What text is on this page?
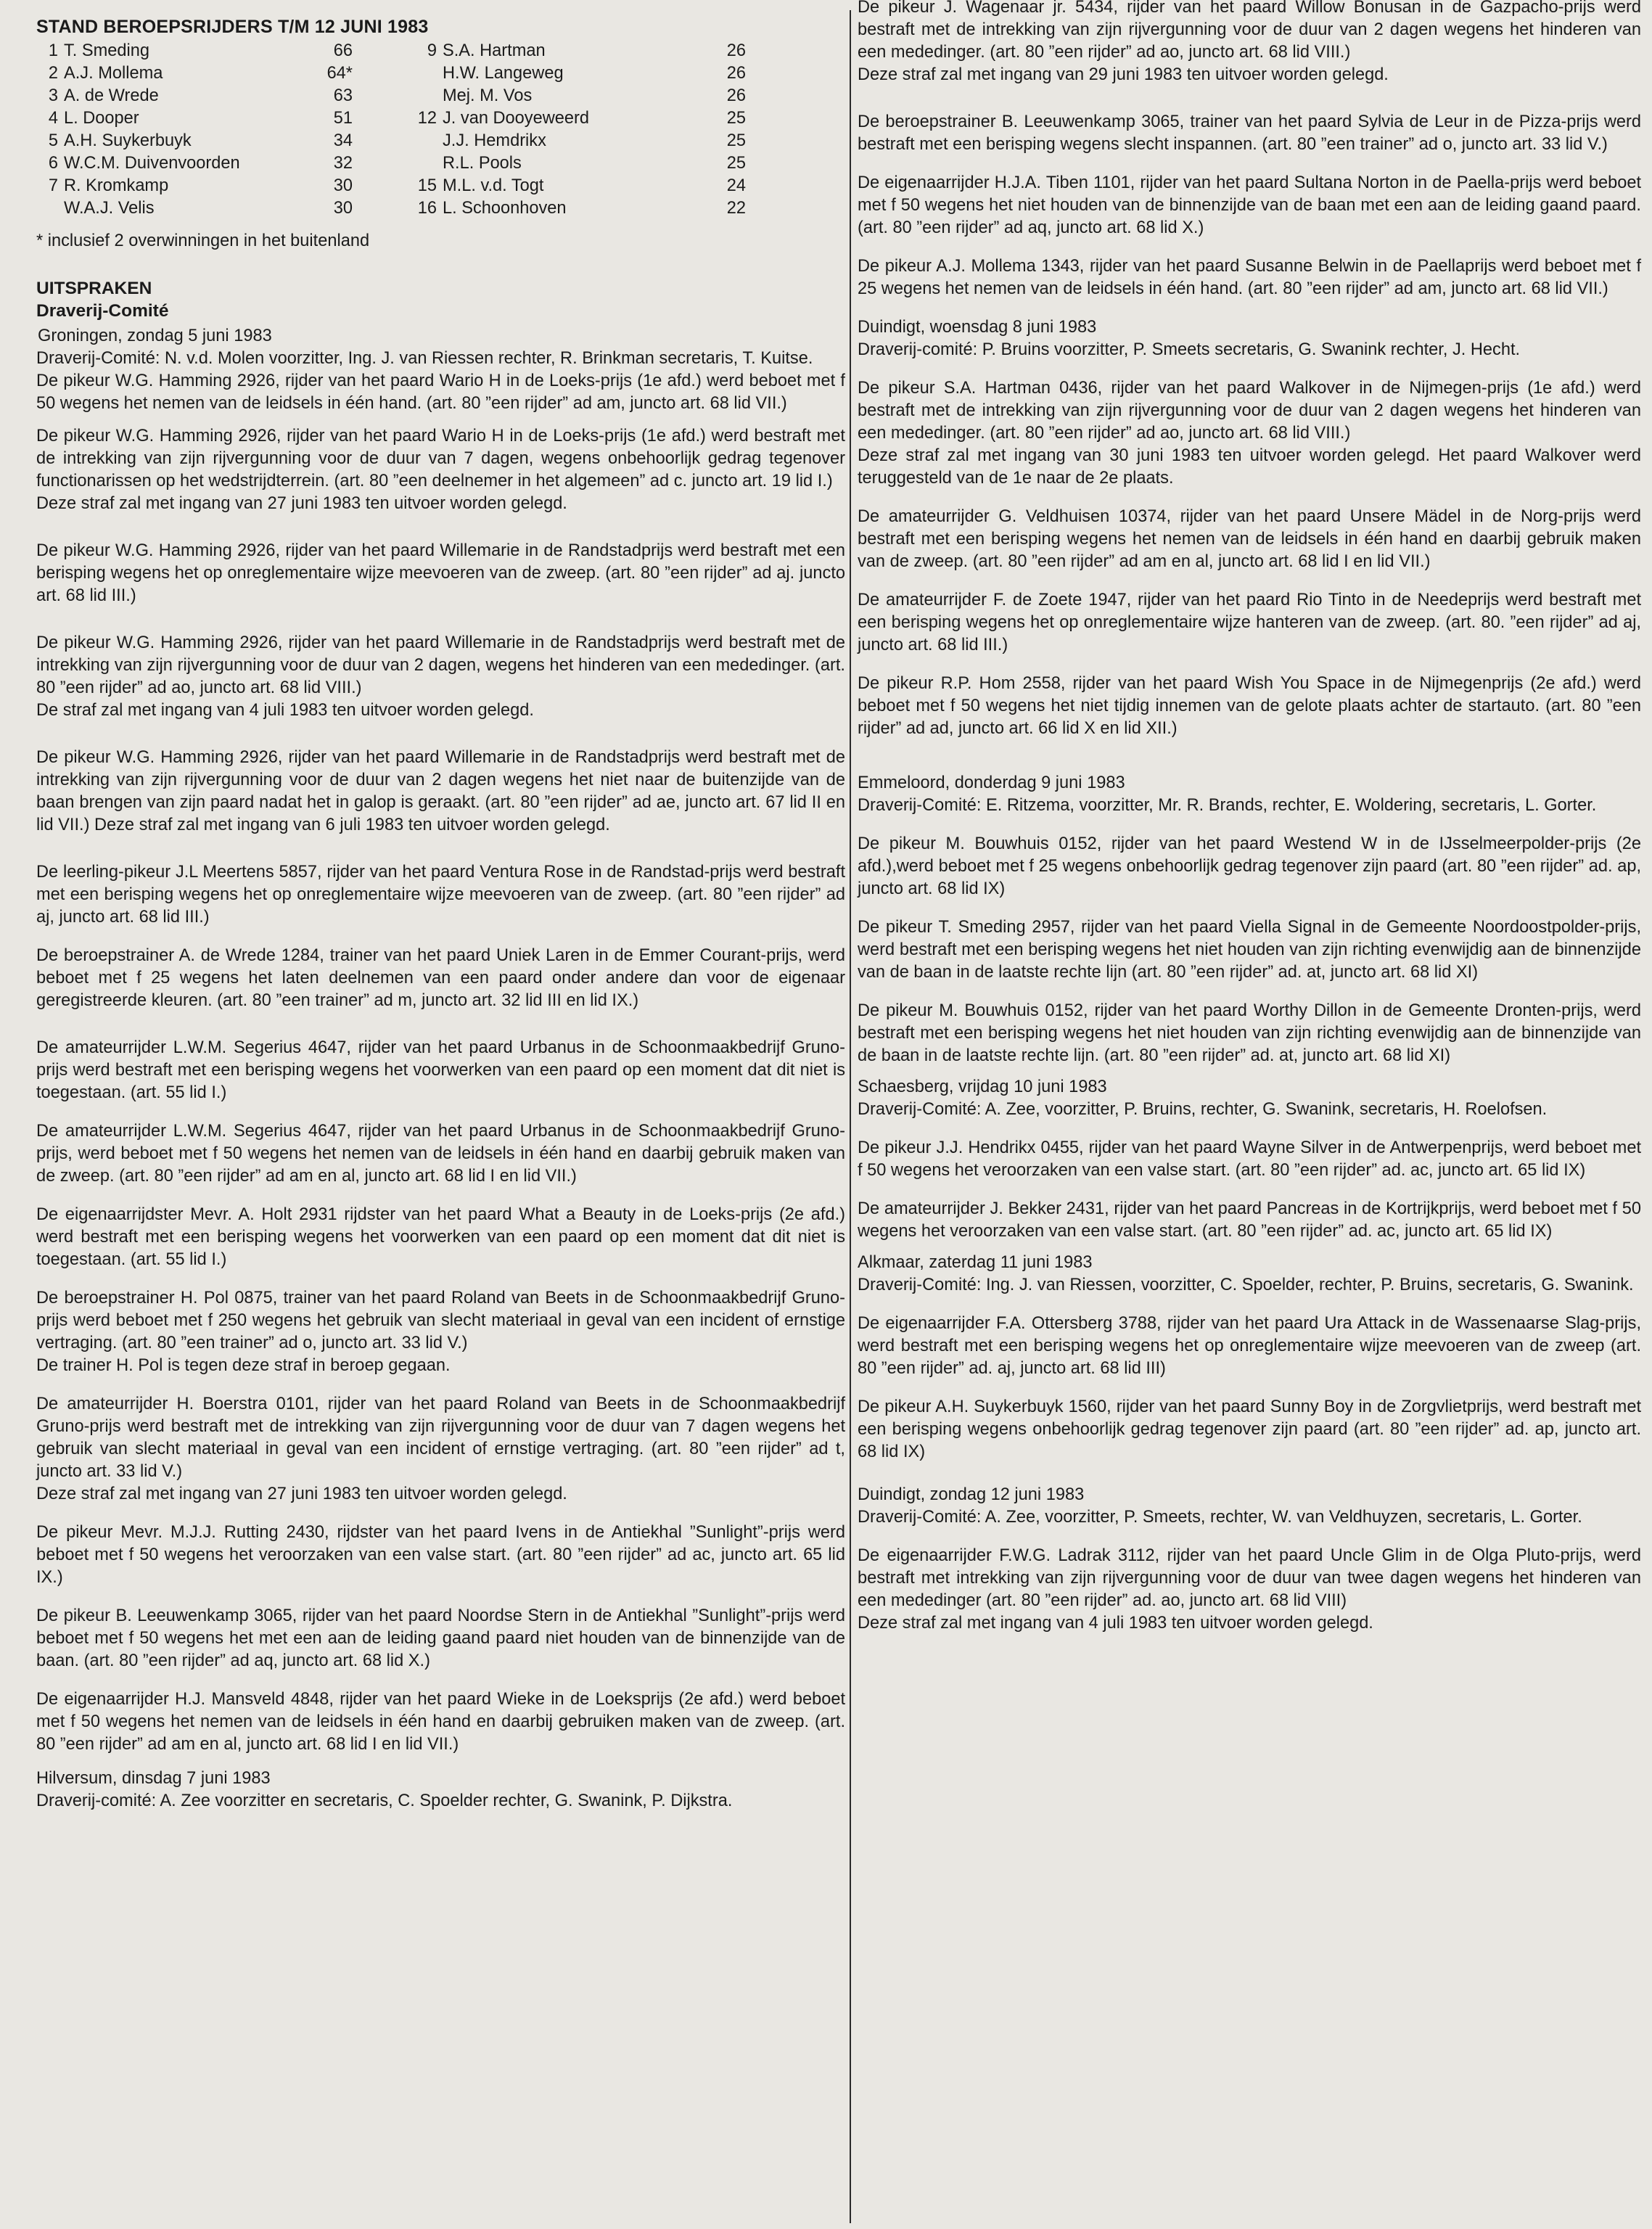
STAND BEROEPSRIJDERS T/M 12 JUNI 1983
1 T. Smeding	66	9 S.A. Hartman	26
2 A.J. Mollema	64*	H.W. Langeweg	26
3 A. de Wrede	63	Mej. M. Vos	26
4 L. Dooper	51	12 J. van Dooyeweerd	25
5 A.H. Suykerbuyk	34	J.J. Hemdrikx	25
6 W.C.M. Duivenvoorden	32	R.L. Pools	25
7 R. Kromkamp	30	15 M.L. v.d. Togt	24
W.A.J. Velis	30	16 L. Schoonhoven	22

* inclusief 2 overwinningen in het buitenland

UITSPRAKEN
Draverij-Comité

Groningen, zondag 5 juni 1983

Draverij-Comité: N. v.d. Molen voorzitter, Ing. J. van Riessen rechter, R. Brinkman secretaris, T. Kuitse.

De pikeur W.G. Hamming 2926, rijder van het paard Wario H in de Loeks-prijs (1e afd.) werd beboet met f 50 wegens het nemen van de leidsels in één hand. (art. 80 ”een rijder” ad am, juncto art. 68 lid VII.)

De pikeur W.G. Hamming 2926, rijder van het paard Wario H in de Loeks-prijs (1e afd.) werd bestraft met de intrekking van zijn rijvergunning voor de duur van 7 dagen, wegens onbehoorlijk gedrag tegenover functionarissen op het wedstrijdterrein. (art. 80 ”een deelnemer in het algemeen” ad c. juncto art. 19 lid I.)

Deze straf zal met ingang van 27 juni 1983 ten uitvoer worden gelegd.

De pikeur W.G. Hamming 2926, rijder van het paard Willemarie in de Randstadprijs werd bestraft met een berisping wegens het op onreglementaire wijze meevoeren van de zweep. (art. 80 ”een rijder” ad aj. juncto art. 68 lid III.)

De pikeur W.G. Hamming 2926, rijder van het paard Willemarie in de Randstadprijs werd bestraft met de intrekking van zijn rijvergunning voor de duur van 2 dagen, wegens het hinderen van een mededinger. (art. 80 ”een rijder” ad ao, juncto art. 68 lid VIII.)

De straf zal met ingang van 4 juli 1983 ten uitvoer worden gelegd.

De pikeur W.G. Hamming 2926, rijder van het paard Willemarie in de Randstadprijs werd bestraft met de intrekking van zijn rijvergunning voor de duur van 2 dagen wegens het niet naar de buitenzijde van de baan brengen van zijn paard nadat het in galop is geraakt. (art. 80 ”een rijder” ad ae, juncto art. 67 lid II en lid VII.) Deze straf zal met ingang van 6 juli 1983 ten uitvoer worden gelegd.

De leerling-pikeur J.L Meertens 5857, rijder van het paard Ventura Rose in de Randstad-prijs werd bestraft met een berisping wegens het op onreglementaire wijze meevoeren van de zweep. (art. 80 ”een rijder” ad aj, juncto art. 68 lid III.)

De beroepstrainer A. de Wrede 1284, trainer van het paard Uniek Laren in de Emmer Courant-prijs, werd beboet met f 25 wegens het laten deelnemen van een paard onder andere dan voor de eigenaar geregistreerde kleuren. (art. 80 ”een trainer” ad m, juncto art. 32 lid III en lid IX.)

De amateurrijder L.W.M. Segerius 4647, rijder van het paard Urbanus in de Schoonmaakbedrijf Gruno-prijs werd bestraft met een berisping wegens het voorwerken van een paard op een moment dat dit niet is toegestaan. (art. 55 lid I.)

De amateurrijder L.W.M. Segerius 4647, rijder van het paard Urbanus in de Schoonmaakbedrijf Gruno-prijs, werd beboet met f 50 wegens het nemen van de leidsels in één hand en daarbij gebruik maken van de zweep. (art. 80 ”een rijder” ad am en al, juncto art. 68 lid I en lid VII.)

De eigenaarrijdster Mevr. A. Holt 2931 rijdster van het paard What a Beauty in de Loeks-prijs (2e afd.) werd bestraft met een berisping wegens het voorwerken van een paard op een moment dat dit niet is toegestaan. (art. 55 lid I.)

De beroepstrainer H. Pol 0875, trainer van het paard Roland van Beets in de Schoonmaakbedrijf Gruno-prijs werd beboet met f 250 wegens het gebruik van slecht materiaal in geval van een incident of ernstige vertraging. (art. 80 ”een trainer” ad o, juncto art. 33 lid V.)

De trainer H. Pol is tegen deze straf in beroep gegaan.

De amateurrijder H. Boerstra 0101, rijder van het paard Roland van Beets in de Schoonmaakbedrijf Gruno-prijs werd bestraft met de intrekking van zijn rijvergunning voor de duur van 7 dagen wegens het gebruik van slecht materiaal in geval van een incident of ernstige vertraging. (art. 80 ”een rijder” ad t, juncto art. 33 lid V.)

Deze straf zal met ingang van 27 juni 1983 ten uitvoer worden gelegd.

De pikeur Mevr. M.J.J. Rutting 2430, rijdster van het paard Ivens in de Antiekhal ”Sunlight”-prijs werd beboet met f 50 wegens het veroorzaken van een valse start. (art. 80 ”een rijder” ad ac, juncto art. 65 lid IX.)

De pikeur B. Leeuwenkamp 3065, rijder van het paard Noordse Stern in de Antiekhal ”Sunlight”-prijs werd beboet met f 50 wegens het met een aan de leiding gaand paard niet houden van de binnenzijde van de baan. (art. 80 ”een rijder” ad aq, juncto art. 68 lid X.)

De eigenaarrijder H.J. Mansveld 4848, rijder van het paard Wieke in de Loeksprijs (2e afd.) werd beboet met f 50 wegens het nemen van de leidsels in één hand en daarbij gebruiken maken van de zweep. (art. 80 ”een rijder” ad am en al, juncto art. 68 lid I en lid VII.)

Hilversum, dinsdag 7 juni 1983

Draverij-comité: A. Zee voorzitter en secretaris, C. Spoelder rechter, G. Swanink, P. Dijkstra.

De pikeur J. Wagenaar jr. 5434, rijder van het paard Willow Bonusan in de Gazpacho-prijs werd bestraft met de intrekking van zijn rijvergunning voor de duur van 2 dagen wegens het hinderen van een mededinger. (art. 80 ”een rijder” ad ao, juncto art. 68 lid VIII.)

Deze straf zal met ingang van 29 juni 1983 ten uitvoer worden gelegd.

De beroepstrainer B. Leeuwenkamp 3065, trainer van het paard Sylvia de Leur in de Pizza-prijs werd bestraft met een berisping wegens slecht inspannen. (art. 80 ”een trainer” ad o, juncto art. 33 lid V.)

De eigenaarrijder H.J.A. Tiben 1101, rijder van het paard Sultana Norton in de Paella-prijs werd beboet met f 50 wegens het niet houden van de binnenzijde van de baan met een aan de leiding gaand paard. (art. 80 ”een rijder” ad aq, juncto art. 68 lid X.)

De pikeur A.J. Mollema 1343, rijder van het paard Susanne Belwin in de Paellaprijs werd beboet met f 25 wegens het nemen van de leidsels in één hand. (art. 80 ”een rijder” ad am, juncto art. 68 lid VII.)

Duindigt, woensdag 8 juni 1983

Draverij-comité: P. Bruins voorzitter, P. Smeets secretaris, G. Swanink rechter, J. Hecht.

De pikeur S.A. Hartman 0436, rijder van het paard Walkover in de Nijmegen-prijs (1e afd.) werd bestraft met de intrekking van zijn rijvergunning voor de duur van 2 dagen wegens het hinderen van een mededinger. (art. 80 ”een rijder” ad ao, juncto art. 68 lid VIII.)

Deze straf zal met ingang van 30 juni 1983 ten uitvoer worden gelegd. Het paard Walkover werd teruggesteld van de 1e naar de 2e plaats.

De amateurrijder G. Veldhuisen 10374, rijder van het paard Unsere Mädel in de Norg-prijs werd bestraft met een berisping wegens het nemen van de leidsels in één hand en daarbij gebruik maken van de zweep. (art. 80 ”een rijder” ad am en al, juncto art. 68 lid I en lid VII.)

De amateurrijder F. de Zoete 1947, rijder van het paard Rio Tinto in de Needeprijs werd bestraft met een berisping wegens het op onreglementaire wijze hanteren van de zweep. (art. 80. ”een rijder” ad aj, juncto art. 68 lid III.)

De pikeur R.P. Hom 2558, rijder van het paard Wish You Space in de Nijmegenprijs (2e afd.) werd beboet met f 50 wegens het niet tijdig innemen van de gelote plaats achter de startauto. (art. 80 ”een rijder” ad ad, juncto art. 66 lid X en lid XII.)

Emmeloord, donderdag 9 juni 1983

Draverij-Comité: E. Ritzema, voorzitter, Mr. R. Brands, rechter, E. Woldering, secretaris, L. Gorter.

De pikeur M. Bouwhuis 0152, rijder van het paard Westend W in de IJsselmeerpolder-prijs (2e afd.),werd beboet met f 25 wegens onbehoorlijk gedrag tegenover zijn paard (art. 80 ”een rijder” ad. ap, juncto art. 68 lid IX)

De pikeur T. Smeding 2957, rijder van het paard Viella Signal in de Gemeente Noordoostpolder-prijs, werd bestraft met een berisping wegens het niet houden van zijn richting evenwijdig aan de binnenzijde van de baan in de laatste rechte lijn (art. 80 ”een rijder” ad. at, juncto art. 68 lid XI)

De pikeur M. Bouwhuis 0152, rijder van het paard Worthy Dillon in de Gemeente Dronten-prijs, werd bestraft met een berisping wegens het niet houden van zijn richting evenwijdig aan de binnenzijde van de baan in de laatste rechte lijn. (art. 80 ”een rijder” ad. at, juncto art. 68 lid XI)

Schaesberg, vrijdag 10 juni 1983

Draverij-Comité: A. Zee, voorzitter, P. Bruins, rechter, G. Swanink, secretaris, H. Roelofsen.

De pikeur J.J. Hendrikx 0455, rijder van het paard Wayne Silver in de Antwerpenprijs, werd beboet met f 50 wegens het veroorzaken van een valse start. (art. 80 ”een rijder” ad. ac, juncto art. 65 lid IX)

De amateurrijder J. Bekker 2431, rijder van het paard Pancreas in de Kortrijkprijs, werd beboet met f 50 wegens het veroorzaken van een valse start. (art. 80 ”een rijder” ad. ac, juncto art. 65 lid IX)

Alkmaar, zaterdag 11 juni 1983

Draverij-Comité: Ing. J. van Riessen, voorzitter, C. Spoelder, rechter, P. Bruins, secretaris, G. Swanink.

De eigenaarrijder F.A. Ottersberg 3788, rijder van het paard Ura Attack in de Wassenaarse Slag-prijs, werd bestraft met een berisping wegens het op onreglementaire wijze meevoeren van de zweep (art. 80 ”een rijder” ad. aj, juncto art. 68 lid III)

De pikeur A.H. Suykerbuyk 1560, rijder van het paard Sunny Boy in de Zorgvlietprijs, werd bestraft met een berisping wegens onbehoorlijk gedrag tegenover zijn paard (art. 80 ”een rijder” ad. ap, juncto art. 68 lid IX)

Duindigt, zondag 12 juni 1983

Draverij-Comité: A. Zee, voorzitter, P. Smeets, rechter, W. van Veldhuyzen, secretaris, L. Gorter.

De eigenaarrijder F.W.G. Ladrak 3112, rijder van het paard Uncle Glim in de Olga Pluto-prijs, werd bestraft met intrekking van zijn rijvergunning voor de duur van twee dagen wegens het hinderen van een mededinger (art. 80 ”een rijder” ad. ao, juncto art. 68 lid VIII)

Deze straf zal met ingang van 4 juli 1983 ten uitvoer worden gelegd.
